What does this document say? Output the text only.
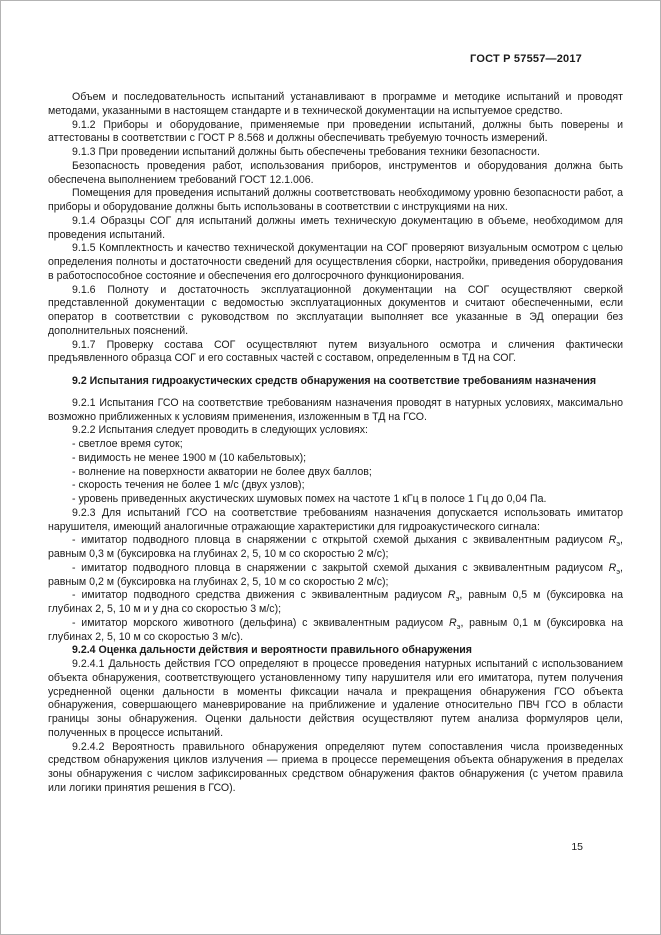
ГОСТ Р 57557—2017

Объем и последовательность испытаний устанавливают в программе и методике испытаний и проводят методами, указанными в настоящем стандарте и в технической документации на испытуемое средство.

9.1.2 Приборы и оборудование, применяемые при проведении испытаний, должны быть поверены и аттестованы в соответствии с ГОСТ Р 8.568 и должны обеспечивать требуемую точность измерений.

9.1.3 При проведении испытаний должны быть обеспечены требования техники безопасности.

Безопасность проведения работ, использования приборов, инструментов и оборудования должна быть обеспечена выполнением требований ГОСТ 12.1.006.

Помещения для проведения испытаний должны соответствовать необходимому уровню безопасности работ, а приборы и оборудование должны быть использованы в соответствии с инструкциями на них.

9.1.4 Образцы СОГ для испытаний должны иметь техническую документацию в объеме, необходимом для проведения испытаний.

9.1.5 Комплектность и качество технической документации на СОГ проверяют визуальным осмотром с целью определения полноты и достаточности сведений для осуществления сборки, настройки, приведения оборудования в работоспособное состояние и обеспечения его долгосрочного функционирования.

9.1.6 Полноту и достаточность эксплуатационной документации на СОГ осуществляют сверкой представленной документации с ведомостью эксплуатационных документов и считают обеспеченными, если оператор в соответствии с руководством по эксплуатации выполняет все указанные в ЭД операции без дополнительных пояснений.

9.1.7 Проверку состава СОГ осуществляют путем визуального осмотра и сличения фактически предъявленного образца СОГ и его составных частей с составом, определенным в ТД на СОГ.

9.2 Испытания гидроакустических средств обнаружения на соответствие требованиям назначения

9.2.1 Испытания ГСО на соответствие требованиям назначения проводят в натурных условиях, максимально возможно приближенных к условиям применения, изложенным в ТД на ГСО.

9.2.2 Испытания следует проводить в следующих условиях:

- светлое время суток;

- видимость не менее 1900 м (10 кабельтовых);

- волнение на поверхности акватории не более двух баллов;

- скорость течения не более 1 м/с (двух узлов);

- уровень приведенных акустических шумовых помех на частоте 1 кГц в полосе 1 Гц до 0,04 Па.

9.2.3 Для испытаний ГСО на соответствие требованиям назначения допускается использовать имитатор нарушителя, имеющий аналогичные отражающие характеристики для гидроакустического сигнала:

- имитатор подводного пловца в снаряжении с открытой схемой дыхания с эквивалентным радиусом $R_э$, равным 0,3 м (буксировка на глубинах 2, 5, 10 м со скоростью 2 м/с);

- имитатор подводного пловца в снаряжении с закрытой схемой дыхания с эквивалентным радиусом $R_э$, равным 0,2 м (буксировка на глубинах 2, 5, 10 м со скоростью 2 м/с);

- имитатор подводного средства движения с эквивалентным радиусом $R_э$, равным 0,5 м (буксировка на глубинах 2, 5, 10 м и у дна со скоростью 3 м/с);

- имитатор морского животного (дельфина) с эквивалентным радиусом $R_э$, равным 0,1 м (буксировка на глубинах 2, 5, 10 м со скоростью 3 м/с).

9.2.4 Оценка дальности действия и вероятности правильного обнаружения

9.2.4.1 Дальность действия ГСО определяют в процессе проведения натурных испытаний с использованием объекта обнаружения, соответствующего установленному типу нарушителя или его имитатора, путем получения усредненной оценки дальности в моменты фиксации начала и прекращения обнаружения ГСО объекта обнаружения, совершающего маневрирование на приближение и удаление относительно ПВЧ ГСО в области границы зоны обнаружения. Оценки дальности действия осуществляют путем анализа формуляров цели, полученных в процессе испытаний.

9.2.4.2 Вероятность правильного обнаружения определяют путем сопоставления числа произведенных средством обнаружения циклов излучения — приема в процессе перемещения объекта обнаружения в пределах зоны обнаружения с числом зафиксированных средством обнаружения фактов обнаружения (с учетом правила или логики принятия решения в ГСО).

15
